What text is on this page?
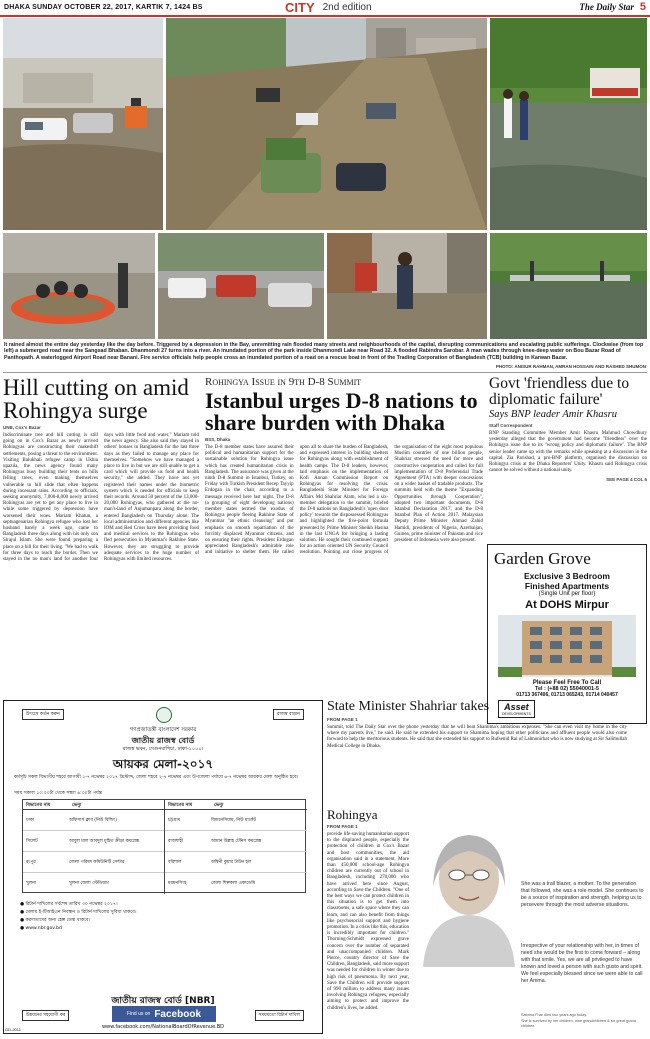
DHAKA SUNDAY OCTOBER 22, 2017, KARTIK 7, 1424 BS	CITY 2nd edition	The Daily Star 5
It rained almost the entire day yesterday like the day before. Triggered by a depression in the Bay, unremitting rain flooded many streets and neighbourhoods of the capital, disrupting communications and escalating public sufferings. Clockwise (from top left) a submerged road near the Sangsad Bhaban. Dhanmondi 27 turns into a river. An inundated portion of the park inside Dhanmondi Lake near Road 32. A flooded Rabindra Sarobar. A man wades through knee-deep water on Bou Bazar Road of Panthopath. A waterlogged Airport Road near Banani. Fire service officials help people cross an inundated portion of a road on a rescue boat in front of the Trading Corporation of Bangladesh (TCB) building in Karwan Bazar.
PHOTO: ANISUR RAHMAN, AMRAN HOSSAIN AND RASHED SHUMON
Hill cutting on amid Rohingya surge
UNB, Cox's Bazar
Indiscriminate tree and hill cutting is still going on in Cox's Bazar as newly arrived Rohingyas are constructing their makeshift settlements, posing a threat to the environment. Visiting Balukhali refugee camp in Ukhia upazila, the news agency found many Rohingyas busy building their tents on hills felling trees, even making themselves vulnerable to hill slide that often happens during incessant rains. According to officials, seeking anonymity, 7,000-8,000 newly arrived Rohingyas are yet to get any place to live in while some triggered by depression have worsened their woes. Mariam Khatun, a septuagenarian Rohingya refugee who lost her husband barely a week ago, came to Bangladesh three days along with his only son Sirajul Islam. She were found preparing a place on a hill for their living. "We had to walk for three days to reach the border. Then we stayed in the no man's land for another four days with little food and water," Mariam told the news agency. She also said they stayed in others' houses in Bangladesh for the last three days as they failed to manage any place for themselves. "Somehow we have managed a place to live in but we are still unable to get a card which will provide us food and health security," she added. They have not yet registered their names under the biometric system which is needed for officials to keep their records. Around 50 percent of the 13,000-20,000 Rohingyas, who gathered at the no-man's-land of Anjumanpara along the border, entered Bangladesh on Thursday alone. The local administration and different agencies like IOM and Red Cross have been providing food and medical services to the Rohingyas who fled persecution in Myanmar's Rakhine State. However, they are struggling to provide adequate services to the huge number of Rohingyas with limited resources.
Rohingya Issue in 9th D-8 Summit
Istanbul urges D-8 nations to share burden with Dhaka
BSS, Dhaka
The D-8 member states have assured their political and humanitarian support for the sustainable solution for Rohingya issue which has created humanitarian crisis in Bangladesh. The assurance was given at the ninth D-8 Summit in Istanbul, Turkey, on Friday with Turkish President Recep Tayyip Erdogan in the chair, according to a message received here last night. The D-8 (a grouping of eight developing nations) member states termed the exodus of Rohingya people fleeing Rakhine State of Myanmar "an ethnic cleansing" and put emphasis on smooth repatriation of the forcibly displaced Myanmar citizens, and on ensuring their rights. President Erdogan appreciated Bangladesh's admirable role and initiative to shelter them. He called upon all to share the burden of Bangladesh, and expressed interest in building shelters for Rohingyas along with establishment of health camps. The D-8 leaders, however, laid emphasis on the implementation of Kofi Annan Commission Report on Rohingyas for resolving the crisis. Bangladeshi State Minister for Foreign Affairs Md Shahriar Alam, who led a six-member delegation to the summit, briefed the D-8 nations on Bangladesh's 'open door policy' towards the dispossessed Rohingyas and highlighted the five-point formula presented by Prime Minister Sheikh Hasina in the last UNGA for bringing a lasting solution. He sought their continued support for an action oriented UN Security Council resolution. Pointing out close progress of the organisation of the eight most populous Muslim countries of one billion people, Shahriar stressed the need for more and constructive cooperation and called for full implementation of D-8 Preferential Trade Agreement (PTA) with deeper concessions on a wider basket of tradable products. The summits held with the theme "Expanding Opportunities through Cooperation", adopted two important documents, D-8 Istanbul Declaration 2017, and the D-8 Istanbul Plan of Action 2017. Malaysian Deputy Prime Minister Ahmad Zahid Hamidi, presidents of Nigeria, Azerbaijan, Guinea, prime minister of Pakistan and vice president of Indonesia were also present.
Govt 'friendless due to diplomatic failure'
Says BNP leader Amir Khasru
Staff Correspondent
BNP Standing Committee Member Amir Khasru Mahmud Chowdhury yesterday alleged that the government had become "friendless" over the Rohingya issue due to its "wrong policy and diplomatic failure". The BNP senior leader came up with the remarks while speaking at a discussion in the capital. Zia Parishad, a pro-BNP platform, organised the discussion on Rohingya crisis at the Dhaka Reporters' Unity. Khasru said Rohingya crisis cannot be solved without a national unity.
SEE PAGE 4 COL 6
Garden Grove
Exclusive 3 Bedroom
Finished Apartments
(Single Unit per floor)
At DOHS Mirpur
Please Feel Free To Call
Tel : (+88 02) 55040001-5
01713 367406, 01713 065243, 01714 040457
Asset
DEVELOPMENTS
উৎসেে কর্তন করুন	রাজস্ব বাড়ান
গণপ্রজাতন্ত্রী বাংলাদেশ সরকার
জাতীয় রাজস্ব বোর্ড
রাজস্ব ভবন, সেগুনবাগিচা, ঢাকা-১০০০।
আয়কর মেলা-২০১৭
কর্মসূচি সকল বিভাগীয় শহরে আগামী ১-৭ নভেম্বর ২০১৭ খ্রিস্টাব্দ, জেলা শহরে ২-৭ নভেম্বর এবং উপজেলা পর্যায়ে ৬-৭ নভেম্বর আয়কর মেলা অনুষ্ঠিত হবে।
সময় সকাল ১০:০০টা থেকে সন্ধ্যা ৬:০০টা পর্যন্ত
বিভাগের নাম	ভেন্যু
ঢাকা	অফিসার্স ক্লাব (নিউ বিল্ডিং)
সিলেট	আবুল মাল আবদুল মুহিত ক্রীড়া কমপ্লেক্স
রংপুর	জেলা পরিষদ কমিউনিটি সেন্টার
খুলনা	খুলনা জেলা স্টেডিয়াম
বিভাগের নাম	ভেন্যু
চট্টগ্রাম	জিমনেসিয়াম, নিউ মার্কেট
রাজশাহী	আমান উল্লাহ টেনিস কমপ্লেক্স
বরিশাল	অশ্বিনী কুমার টাউন হল
ময়মনসিংহ	জেলা শিল্পকলা একাডেমি
● রিটার্ন দাখিলের সর্বশেষ তারিখ ৩০ নভেম্বর ২০১৭।
● মেলায় ই-টিআইএন নিবন্ধন ও রিটার্ন দাখিলের সুবিধা থাকবে।
● করদাতাদের জন্য হেল্প ডেস্ক থাকবে।
● www.nbr.gov.bd
জাতীয় রাজস্ব বোর্ড [NBR]
Find us on Facebook
www.facebook.com/NationalBoardOfRevenue.BD
উন্নয়নের সহযোগী কর	সময়মতো রিটার্ন দাখিল
GD-2011
State Minister Shahriar takes
FROM PAGE 1
Summit, told The Daily Star over the phone yesterday that he will beat Shamima's ambitious expenses. "She can even visit my home in the city where my parents live," he said. He said he extended his support to Shamima hoping that other politicians and affluent people would also come forward to help the meritorious students. He said that she extended his support to Rufsenid Rai of Lalmonirhat who is now studying at Sir Salimullah Medical College in Dhaka.
Rohingya
FROM PAGE 1
provide life-saving humanitarian support to the displaced people, especially the protection of children in Cox's Bazar and host communities, the aid organisation said in a statement. More than 450,000 school-age Rohingya children are currently out of school in Bangladesh, including 270,000 who have arrived here since August, according to Save the Children. "One of the best ways we can protect children in this situation is to get them into classrooms, a safe space where they can learn, and can also benefit from things like psychosocial support and hygiene promotion. In a crisis like this, education is incredibly important for children." Thorning-Schmidt expressed grave concern over the number of separated and unaccompanied children. Mark Pierce, country director of Save the Children, Bangladesh, said more support was needed for children in winter due to high risk of pneumonia. By next year, Save the Children will provide support of 990 million to address many issues involving Rohingya refugees, especially aiming to protect and improve the children's lives, he added.
She was a trail blazer, a mother. To the generation that followed, she was a role model. She continues to be a source of inspiration and strength, helping us to persevere through the most adverse situations.
Irrespective of your relationship with her, in times of need she would be the first to come forward – along with that smile. Yes, we are all privileged to have known and loved a person with such gusto and spirit. We feel especially blessed since we were able to call her Amma.
Sabrina Fhar died two years ago today.
She is survived by her children, nine grandchildren & six great grand children.
